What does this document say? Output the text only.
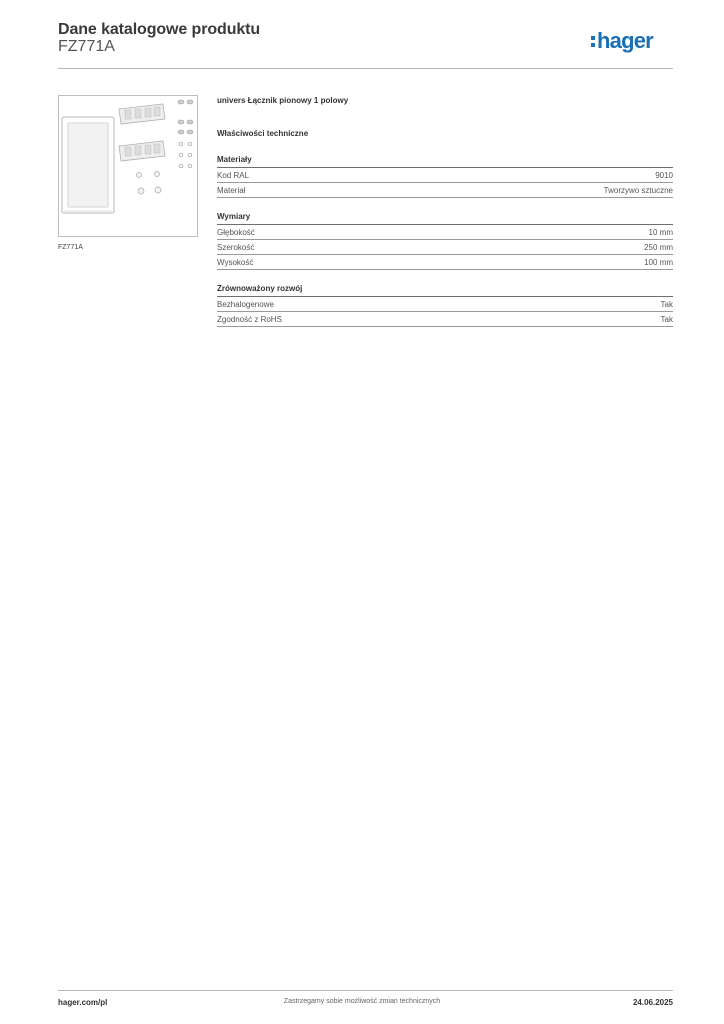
Dane katalogowe produktu
FZ771A	hager
FZ771A
univers Łącznik pionowy 1 polowy
Właściwości techniczne
Materiały
Kod RAL	9010
Materiał	Tworzywo sztuczne
Wymiary
Głębokość	10 mm
Szerokość	250 mm
Wysokość	100 mm
Zrównoważony rozwój
Bezhalogenowe	Tak
Zgodność z RoHS	Tak
hager.com/pl	Zastrzegamy sobie możliwość zmian technicznych	24.06.2025
